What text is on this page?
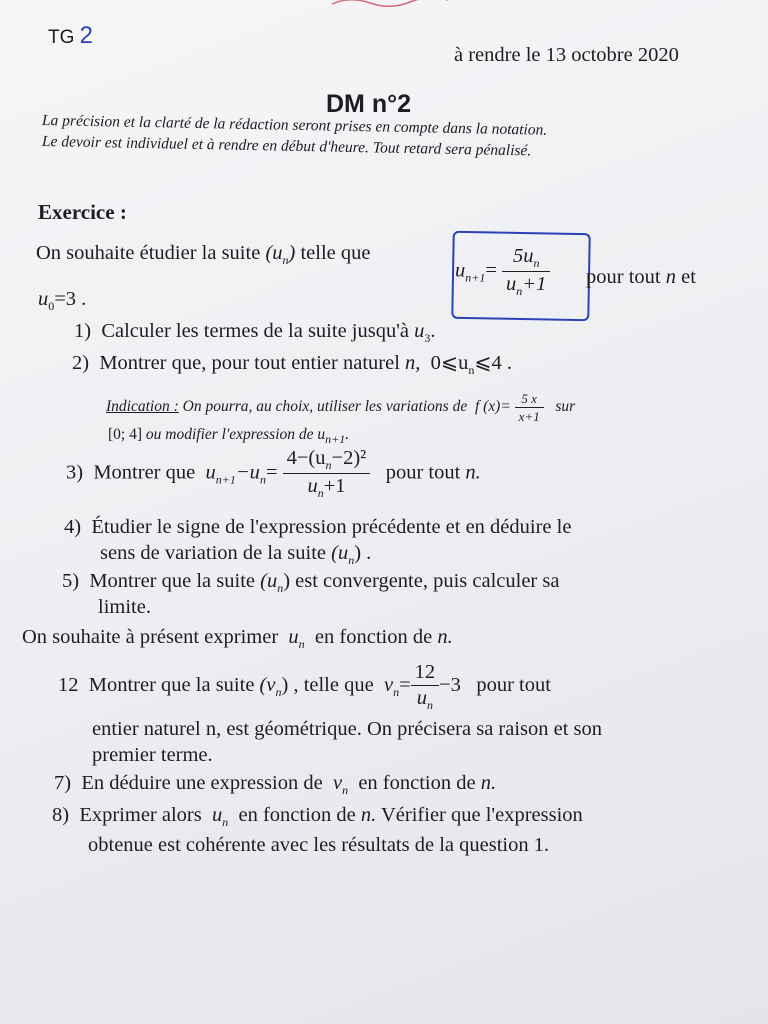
TG 2
à rendre le 13 octobre 2020
DM n°2
La précision et la clarté de la rédaction seront prises en compte dans la notation.
Le devoir est individuel et à rendre en début d'heure. Tout retard sera pénalisé.
Exercice :
On souhaite étudier la suite $(u_n)$ telle que
$u_{n+1}= \frac{5u_n}{u_n+1}$ pour tout n et
$u_0=3$ .
1) Calculer les termes de la suite jusqu'à $u_3$.
2) Montrer que, pour tout entier naturel n, $0⩽u_n⩽4$ .
Indication : On pourra, au choix, utiliser les variations de f $(x)= \frac{5 x}{x+1}$ sur
[0; 4] ou modifier l'expression de $u_{n+1}$.
3) Montrer que $u_{n+1}-u_n= \frac{4-(u_n-2)^2}{u_n+1}$ pour tout n.
4) Étudier le signe de l'expression précédente et en déduire le
sens de variation de la suite $(u_n)$ .
5) Montrer que la suite $(u_n)$ est convergente, puis calculer sa
limite.
On souhaite à présent exprimer $u_n$ en fonction de n.
12 Montrer que la suite $(v_n)$ , telle que $v_n= \frac{12}{u_n} -3$ pour tout
entier naturel n, est géométrique. On précisera sa raison et son
premier terme.
7) En déduire une expression de $v_n$ en fonction de n.
8) Exprimer alors $u_n$ en fonction de n. Vérifier que l'expression
obtenue est cohérente avec les résultats de la question 1.
